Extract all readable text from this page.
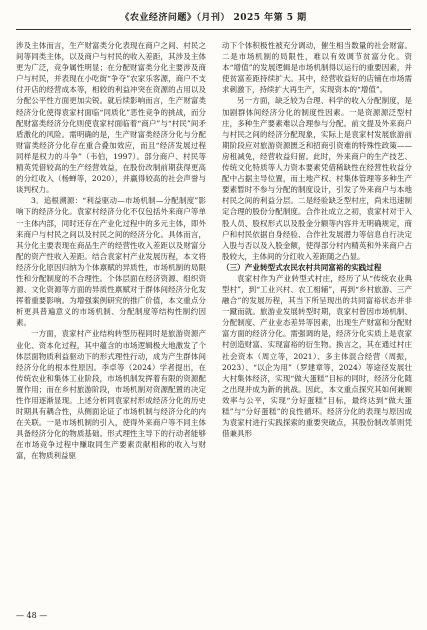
《农业经济问题》（月刊） 2025 年第 5 期

涉及主体而言，生产财富类分化表现在商户之间、村民之间等同类主体，以及商户与村民的收入差距，其涉及主体更为广泛，竞争属性明显；在分配财富类分化主要涉及商户与村民，并表现在小吃街“争夺”农家乐客源，商户不支付开店的经营成本等，相较的利益冲突在资源的占用以及分配公平性方面更加尖锐。就后续影响而言，生产财富类经济分化使得袁家村面临“同质化”恶性竞争的挑战，而分配财富类经济分化则使袁家村面临着“商户”与“村民”间矛盾激化的风险。需明确的是，生产财富类经济分化与分配财富类经济分化存在重合叠加效应，而且“经济发展过程同样是权力的斗争”（韦伯，1997）。部分商户、村民等精英凭借较高的生产经营效益，在股份改制前期获得更高的分红收入（杨蝉等，2020），并赢得较高的社会声誉与谈判权力。

3．追根溯源：“利益驱动—市场机制—分配制度”影响下的经济分化。袁家村经济分化不仅包括外来商户等单一主体内部，同时还存在产业化过程中的多元主体，即外来商户与村民之间以及村民之间的经济分化。具体而言，其分化主要表现在商品生产的经营性收入差距以及财富分配的资产性收入差距。结合袁家村产业发展历程，本文将经济分化原因归纳为个体禀赋的异质性，市场机制的局限性和分配制度的不合理性。个体层面在经济资源、组织资源、文化资源等方面的异质性禀赋对于群体间经济分化发挥着重要影响。为增强案例研究的推广价值，本文重点分析更具普遍意义的市场机制、分配制度等结构性制约因素。

一方面，袁家村产业结构转型历程同时是旅游资源产业化、资本化过程，其中蕴含的市场逻辑极大地激发了个体层面物质利益驱动下的形式理性行动，成为产生群体间经济分化的根本性原因。李卓等（2024）学者提出，在传统农业和集体工业阶段，市场机制发挥着有限的资源配置作用；而在乡村旅游阶段，市场机制对资源配置的决定性作用逐渐显现。上述分析同袁家村形成经济分化的历史时期具有耦合性，从侧面论证了市场机制与经济分化的内在关联。一是市场机制的引入，使得外来商户等不同主体具备经济分化的物质基础。形式理性主导下的行动者能够在市场竞争过程中赚取同生产要素贡献相称的收入与财富，在物质利益驱

动下个体积极性被充分调动，催生相当数量的社会财富。二是市场机制的局限性，难以有效调节贫富分化。资本“增值”的发展逻辑是市场机制得以运行的重要因素，并使贫富差距持续扩大。其中，经营收益好的店铺在市场需求刺激下，持续扩大再生产，实现资本的“增值”。

另一方面，缺乏较为合理、科学的收入分配制度，是加剧群体间经济分化的制度性因素。一是资源源泛型村庄，多种生产要素难以合理参与分配。前文提及外来商户与村民之间的经济分配现象，实际上是袁家村发展旅游前期阶段应对旅游资源匮乏和招商引资难的特殊性政策——房租减免，经营收益归留。此时，外来商户的生产技艺、传统文化特质等人力资本要素凭借稀缺性在经营性收益分配中占据主导位置，而土地产权、村集体管理等多种生产要素暂时不参与分配的制度设计，引发了外来商户与本地村民之间的利益分层。二是经验缺乏型村庄，尚未迅速制定合理的股份分配制度。合作社成立之初，袁家村对于入股人员、股权形式以及股金分额等内容并无明确规定，商户和村民依据自身经验、合作社发展潜力等信息自行决定入股与否以及入股金额，使得部分村内精英和外来商户占股较大，主体间的分红收入差距随之凸显。

（三）产业转型式农民农村共同富裕的实践过程

袁家村作为产业转型式村庄，经历了从“传统农业典型村”，到“工业兴村、农工相辅”，再到“乡村旅游、三产融合”的发展历程，其当下所呈现出的共同富裕状态并非一蹴而就。旅游业发展转型时期，袁家村曾因市场机制、分配制度、产业业态差异等因素，出现生产财富和分配财富方面的经济分化。需强调的是，经济分化实质上是袁家村创造财富、实现富裕的衍生物。换言之，其在通过村庄社会资本（周立等，2021）、多主体混合经营（周振，2023）、“以企为用”（罗建章等，2024）等途径发展壮大村集体经济，实现“做大蛋糕”目标的同时，经济分化随之出现并成为新的挑战。因此，本文重点探究其如何兼顾效率与公平，实现“分好蛋糕”目标，最终达到“做大蛋糕”与“分好蛋糕”的良性循环。经济分化的表现与原因成为袁家村进行实践探索的重要突破点，其股份制改革则凭借兼具形

— 48 —
